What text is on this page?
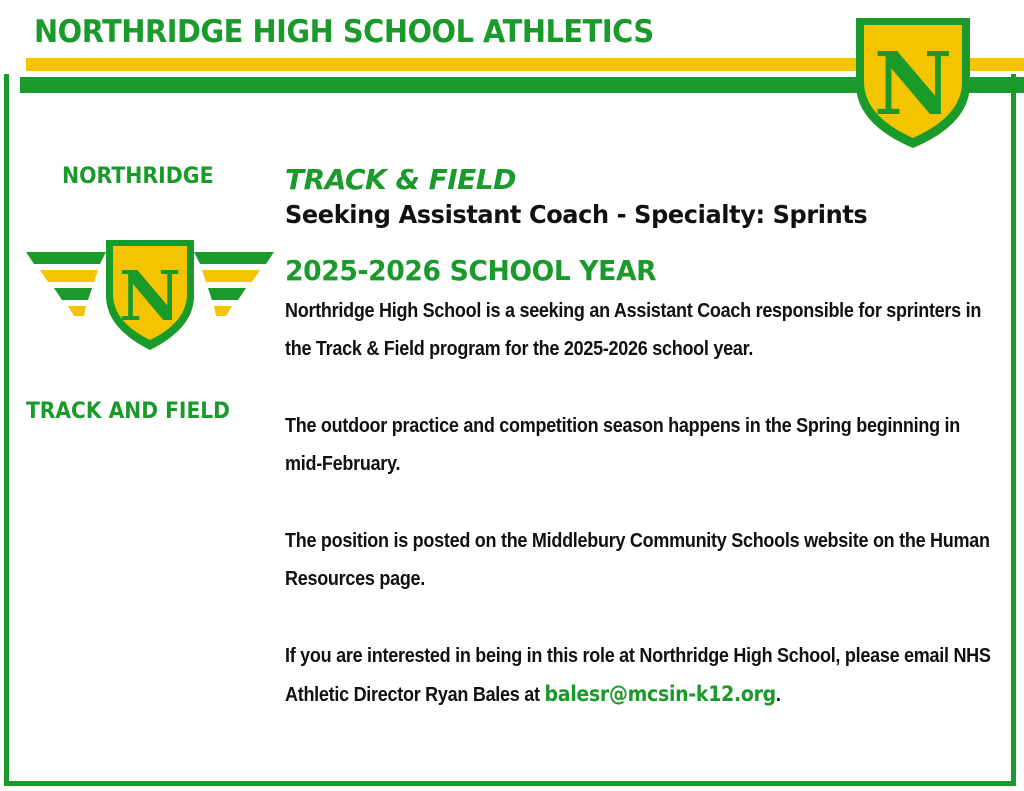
NORTHRIDGE HIGH SCHOOL ATHLETICS
N

NORTHRIDGE

N

TRACK AND FIELD

TRACK & FIELD

Seeking Assistant Coach - Specialty: Sprints

2025-2026 SCHOOL YEAR

Northridge High School is a seeking an Assistant Coach responsible for sprinters in the Track & Field program for the 2025-2026 school year.

The outdoor practice and competition season happens in the Spring beginning in mid-February.

The position is posted on the Middlebury Community Schools website on the Human Resources page.

If you are interested in being in this role at Northridge High School, please email NHS Athletic Director Ryan Bales at balesr@mcsin-k12.org.
